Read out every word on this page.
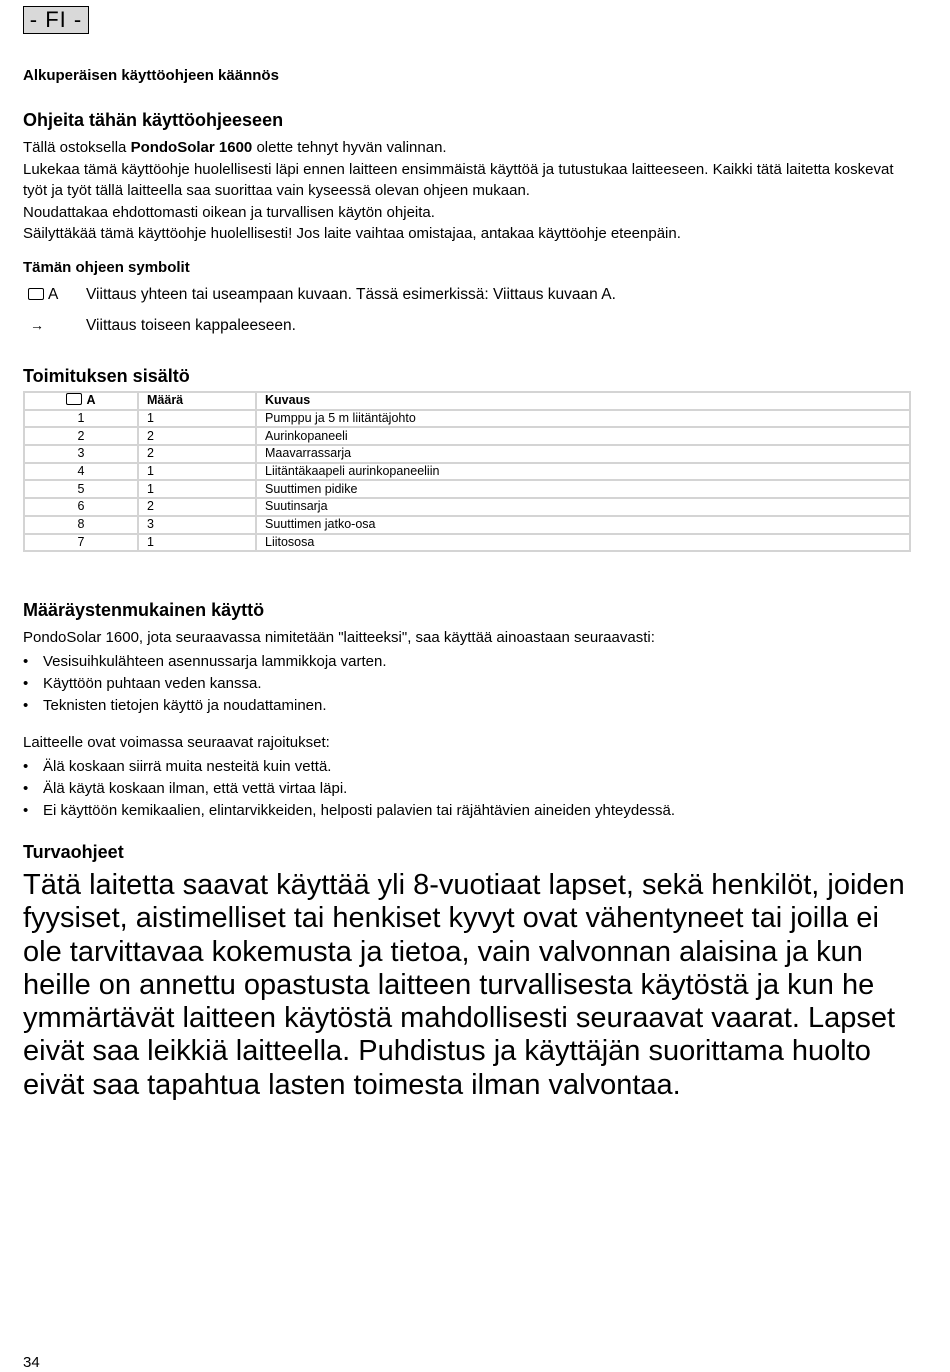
- FI -
Alkuperäisen käyttöohjeen käännös
Ohjeita tähän käyttöohjeeseen

Tällä ostoksella PondoSolar 1600 olette tehnyt hyvän valinnan.

Lukekaa tämä käyttöohje huolellisesti läpi ennen laitteen ensimmäistä käyttöä ja tutustukaa laitteeseen. Kaikki tätä laitetta koskevat työt ja työt tällä laitteella saa suorittaa vain kyseessä olevan ohjeen mukaan.

Noudattakaa ehdottomasti oikean ja turvallisen käytön ohjeita.

Säilyttäkää tämä käyttöohje huolellisesti! Jos laite vaihtaa omistajaa, antakaa käyttöohje eteenpäin.

Tämän ohjeen symbolit
A	Viittaus yhteen tai useampaan kuvaan. Tässä esimerkissä: Viittaus kuvaan A.
→	Viittaus toiseen kappaleeseen.
Toimituksen sisältö
A	Määrä	Kuvaus
1	1	Pumppu ja 5 m liitäntäjohto
2	2	Aurinkopaneeli
3	2	Maavarrassarja
4	1	Liitäntäkaapeli aurinkopaneeliin
5	1	Suuttimen pidike
6	2	Suutinsarja
8	3	Suuttimen jatko-osa
7	1	Liitososa
Määräystenmukainen käyttö
PondoSolar 1600, jota seuraavassa nimitetään "laitteeksi", saa käyttää ainoastaan seuraavasti:
• Vesisuihkulähteen asennussarja lammikkoja varten.
• Käyttöön puhtaan veden kanssa.
• Teknisten tietojen käyttö ja noudattaminen.
Laitteelle ovat voimassa seuraavat rajoitukset:
• Älä koskaan siirrä muita nesteitä kuin vettä.
• Älä käytä koskaan ilman, että vettä virtaa läpi.
• Ei käyttöön kemikaalien, elintarvikkeiden, helposti palavien tai räjähtävien aineiden yhteydessä.
Turvaohjeet
Tätä laitetta saavat käyttää yli 8-vuotiaat lapset, sekä henkilöt, joiden fyysiset, aistimelliset tai henkiset kyvyt ovat vähentyneet tai joilla ei ole tarvittavaa kokemusta ja tietoa, vain valvonnan alaisina ja kun heille on annettu opastusta laitteen turvallisesta käytöstä ja kun he ymmärtävät laitteen käytöstä mahdollisesti seuraavat vaarat. Lapset eivät saa leikkiä laitteella. Puhdistus ja käyttäjän suorittama huolto eivät saa tapahtua lasten toimesta ilman valvontaa.
34
